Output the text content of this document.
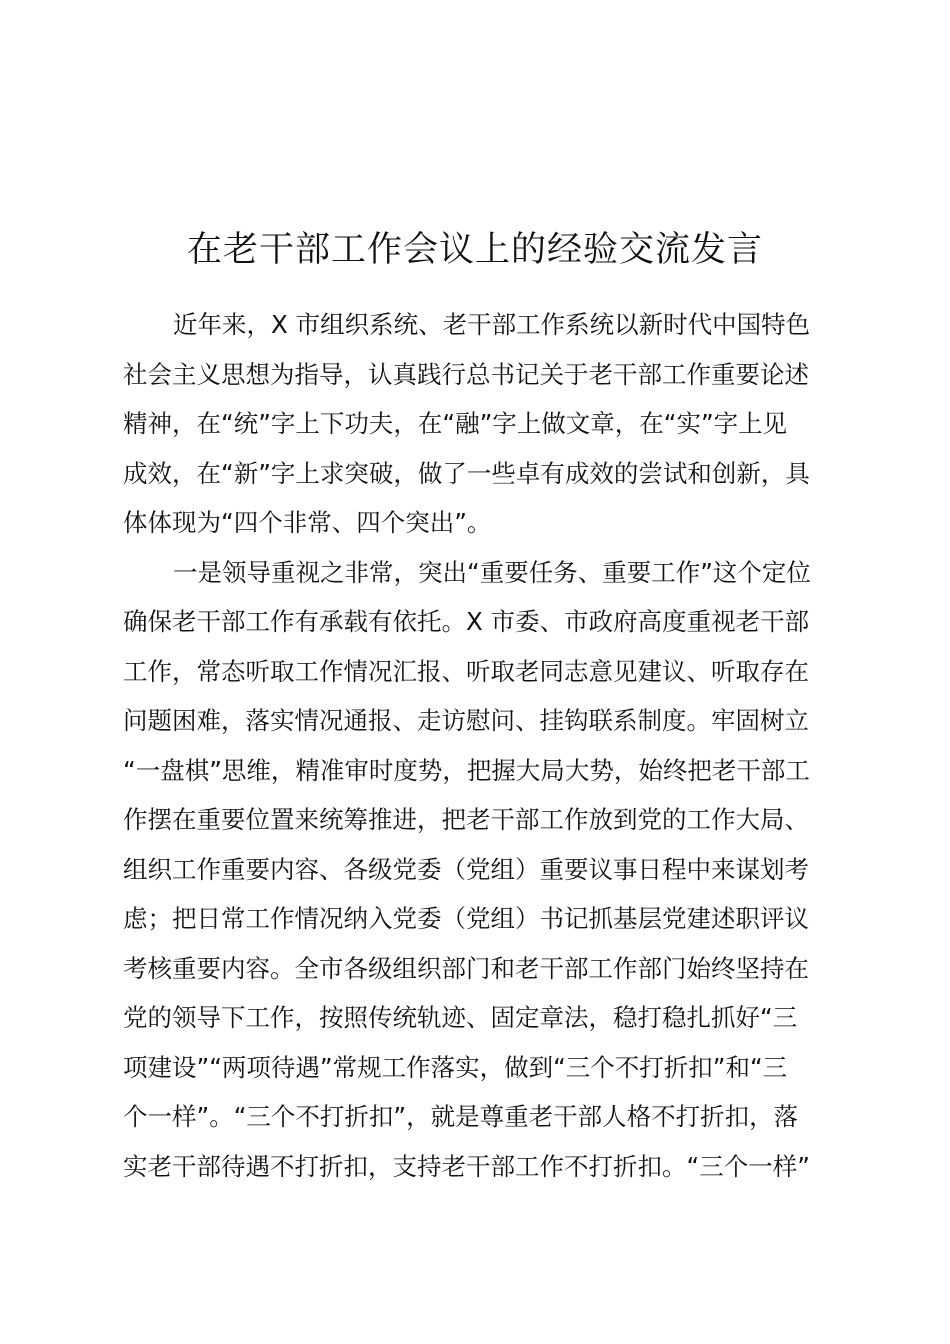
在老干部工作会议上的经验交流发言
近年来，X 市组织系统、老干部工作系统以新时代中国特色
社会主义思想为指导，认真践行总书记关于老干部工作重要论述
精神，在“统”字上下功夫，在“融”字上做文章，在“实”字上见
成效，在“新”字上求突破，做了一些卓有成效的尝试和创新，具
体体现为“四个非常、四个突出”。
一是领导重视之非常，突出“重要任务、重要工作”这个定位
确保老干部工作有承载有依托。X 市委、市政府高度重视老干部
工作，常态听取工作情况汇报、听取老同志意见建议、听取存在
问题困难，落实情况通报、走访慰问、挂钩联系制度。牢固树立
“一盘棋”思维，精准审时度势，把握大局大势，始终把老干部工
作摆在重要位置来统筹推进，把老干部工作放到党的工作大局、
组织工作重要内容、各级党委（党组）重要议事日程中来谋划考
虑；把日常工作情况纳入党委（党组）书记抓基层党建述职评议
考核重要内容。全市各级组织部门和老干部工作部门始终坚持在
党的领导下工作，按照传统轨迹、固定章法，稳打稳扎抓好“三
项建设”“两项待遇”常规工作落实，做到“三个不打折扣”和“三
个一样”。“三个不打折扣”，就是尊重老干部人格不打折扣，落
实老干部待遇不打折扣，支持老干部工作不打折扣。“三个一样”
